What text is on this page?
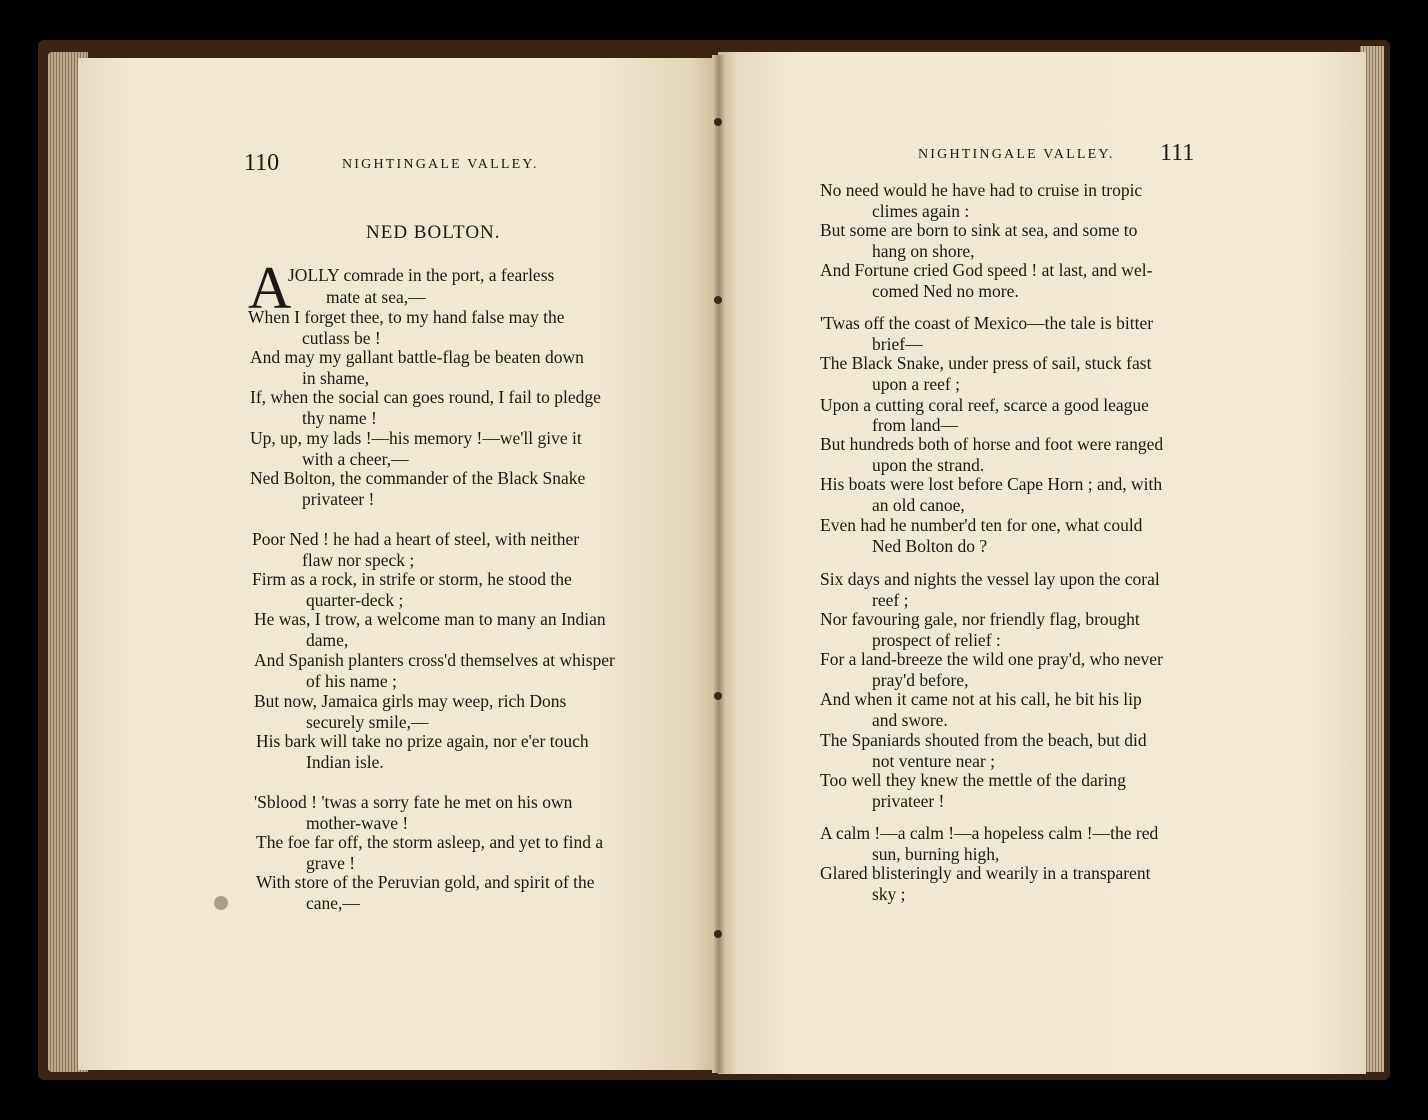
110	NIGHTINGALE VALLEY.
NED BOLTON.
A
JOLLY comrade in the port, a fearless
mate at sea,—
When I forget thee, to my hand false may the
cutlass be !
And may my gallant battle-flag be beaten down
in shame,
If, when the social can goes round, I fail to pledge
thy name !
Up, up, my lads !—his memory !—we'll give it
with a cheer,—
Ned Bolton, the commander of the Black Snake
privateer !
Poor Ned ! he had a heart of steel, with neither
flaw nor speck ;
Firm as a rock, in strife or storm, he stood the
quarter-deck ;
He was, I trow, a welcome man to many an Indian
dame,
And Spanish planters cross'd themselves at whisper
of his name ;
But now, Jamaica girls may weep, rich Dons
securely smile,—
His bark will take no prize again, nor e'er touch
Indian isle.
'Sblood ! 'twas a sorry fate he met on his own
mother-wave !
The foe far off, the storm asleep, and yet to find a
grave !
With store of the Peruvian gold, and spirit of the
cane,—
NIGHTINGALE VALLEY. 111
No need would he have had to cruise in tropic
climes again :
But some are born to sink at sea, and some to
hang on shore,
And Fortune cried God speed ! at last, and wel-
comed Ned no more.
'Twas off the coast of Mexico—the tale is bitter
brief—
The Black Snake, under press of sail, stuck fast
upon a reef ;
Upon a cutting coral reef, scarce a good league
from land—
But hundreds both of horse and foot were ranged
upon the strand.
His boats were lost before Cape Horn ; and, with
an old canoe,
Even had he number'd ten for one, what could
Ned Bolton do ?
Six days and nights the vessel lay upon the coral
reef ;
Nor favouring gale, nor friendly flag, brought
prospect of relief :
For a land-breeze the wild one pray'd, who never
pray'd before,
And when it came not at his call, he bit his lip
and swore.
The Spaniards shouted from the beach, but did
not venture near ;
Too well they knew the mettle of the daring
privateer !
A calm !—a calm !—a hopeless calm !—the red
sun, burning high,
Glared blisteringly and wearily in a transparent
sky ;
